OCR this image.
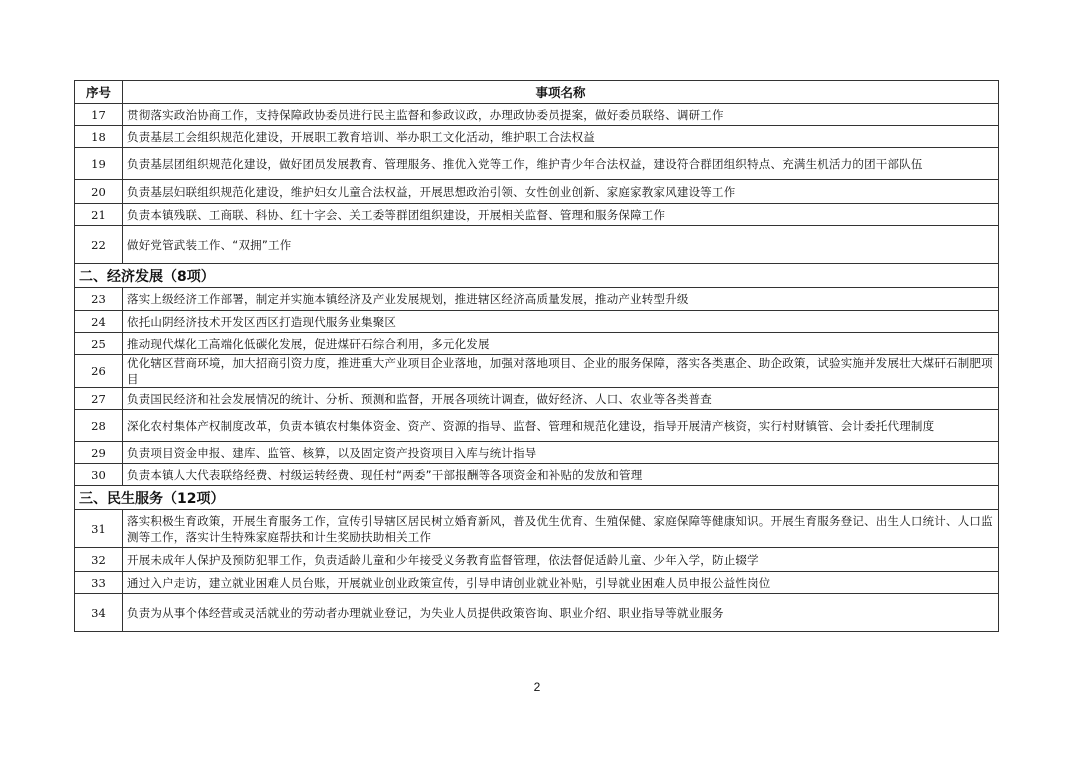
序号	事项名称
17	贯彻落实政治协商工作，支持保障政协委员进行民主监督和参政议政，办理政协委员提案，做好委员联络、调研工作
18	负责基层工会组织规范化建设，开展职工教育培训、举办职工文化活动，维护职工合法权益
19	负责基层团组织规范化建设，做好团员发展教育、管理服务、推优入党等工作，维护青少年合法权益，建设符合群团组织特点、充满生机活力的团干部队伍
20	负责基层妇联组织规范化建设，维护妇女儿童合法权益，开展思想政治引领、女性创业创新、家庭家教家风建设等工作
21	负责本镇残联、工商联、科协、红十字会、关工委等群团组织建设，开展相关监督、管理和服务保障工作
22	做好党管武装工作、“双拥”工作
二、经济发展（8项）	
23	落实上级经济工作部署，制定并实施本镇经济及产业发展规划，推进辖区经济高质量发展，推动产业转型升级
24	依托山阴经济技术开发区西区打造现代服务业集聚区
25	推动现代煤化工高端化低碳化发展，促进煤矸石综合利用，多元化发展
26	优化辖区营商环境，加大招商引资力度，推进重大产业项目企业落地，加强对落地项目、企业的服务保障，落实各类惠企、助企政策，试验实施并发展壮大煤矸石制肥项目
27	负责国民经济和社会发展情况的统计、分析、预测和监督，开展各项统计调查，做好经济、人口、农业等各类普查
28	深化农村集体产权制度改革，负责本镇农村集体资金、资产、资源的指导、监督、管理和规范化建设，指导开展清产核资，实行村财镇管、会计委托代理制度
29	负责项目资金申报、建库、监管、核算，以及固定资产投资项目入库与统计指导
30	负责本镇人大代表联络经费、村级运转经费、现任村“两委”干部报酬等各项资金和补贴的发放和管理
三、民生服务（12项）	
31	落实积极生育政策，开展生育服务工作，宣传引导辖区居民树立婚育新风，普及优生优育、生殖保健、家庭保障等健康知识。开展生育服务登记、出生人口统计、人口监测等工作，落实计生特殊家庭帮扶和计生奖励扶助相关工作
32	开展未成年人保护及预防犯罪工作，负责适龄儿童和少年接受义务教育监督管理，依法督促适龄儿童、少年入学，防止辍学
33	通过入户走访，建立就业困难人员台账，开展就业创业政策宣传，引导申请创业就业补贴，引导就业困难人员申报公益性岗位
34	负责为从事个体经营或灵活就业的劳动者办理就业登记，为失业人员提供政策咨询、职业介绍、职业指导等就业服务
2
